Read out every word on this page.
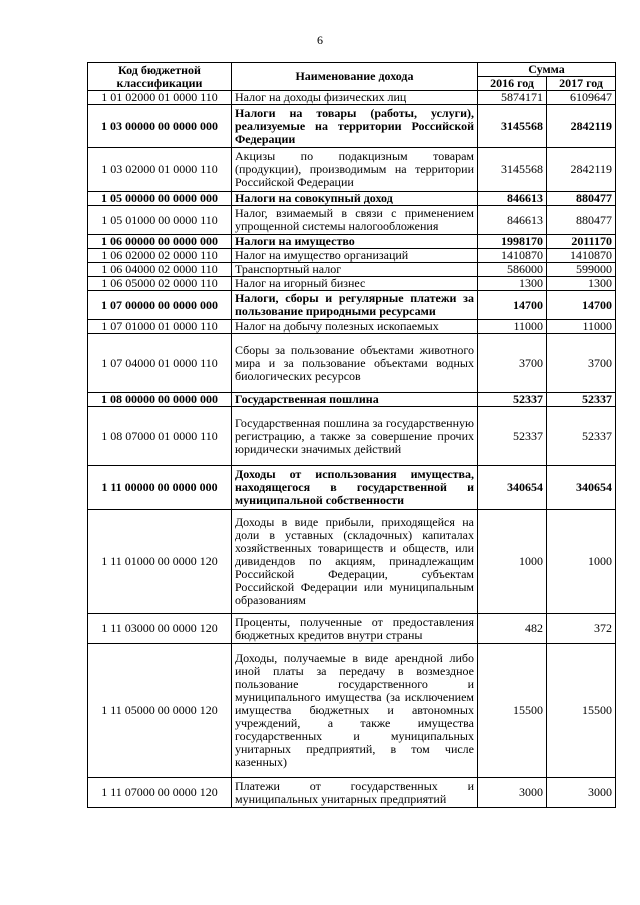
6
Код бюджетной классификации	Наименование дохода	Сумма	
		2016 год	2017 год
1 01 02000 01 0000 110	Налог на доходы физических лиц	5874171	6109647
1 03 00000 00 0000 000	Налоги на товары (работы, услуги), реализуемые на территории Российской Федерации	3145568	2842119
1 03 02000 01 0000 110	Акцизы по подакцизным товарам (продукции), производимым на территории Российской Федерации	3145568	2842119
1 05 00000 00 0000 000	Налоги на совокупный доход	846613	880477
1 05 01000 00 0000 110	Налог, взимаемый в связи с применением упрощенной системы налогообложения	846613	880477
1 06 00000 00 0000 000	Налоги на имущество	1998170	2011170
1 06 02000 02 0000 110	Налог на имущество организаций	1410870	1410870
1 06 04000 02 0000 110	Транспортный налог	586000	599000
1 06 05000 02 0000 110	Налог на игорный бизнес	1300	1300
1 07 00000 00 0000 000	Налоги, сборы и регулярные платежи за пользование природными ресурсами	14700	14700
1 07 01000 01 0000 110	Налог на добычу полезных ископаемых	11000	11000
1 07 04000 01 0000 110	Сборы за пользование объектами животного мира и за пользование объектами водных биологических ресурсов	3700	3700
1 08 00000 00 0000 000	Государственная пошлина	52337	52337
1 08 07000 01 0000 110	Государственная пошлина за государственную регистрацию, а также за совершение прочих юридически значимых действий	52337	52337
1 11 00000 00 0000 000	Доходы от использования имущества, находящегося в государственной и муниципальной собственности	340654	340654
1 11 01000 00 0000 120	Доходы в виде прибыли, приходящейся на доли в уставных (складочных) капиталах хозяйственных товариществ и обществ, или дивидендов по акциям, принадлежащим Российской Федерации, субъектам Российской Федерации или муниципальным образованиям	1000	1000
1 11 03000 00 0000 120	Проценты, полученные от предоставления бюджетных кредитов внутри страны	482	372
1 11 05000 00 0000 120	Доходы, получаемые в виде арендной либо иной платы за передачу в возмездное пользование государственного и муниципального имущества (за исключением имущества бюджетных и автономных учреждений, а также имущества государственных и муниципальных унитарных предприятий, в том числе казенных)	15500	15500
1 11 07000 00 0000 120	Платежи от государственных и муниципальных унитарных предприятий	3000	3000
